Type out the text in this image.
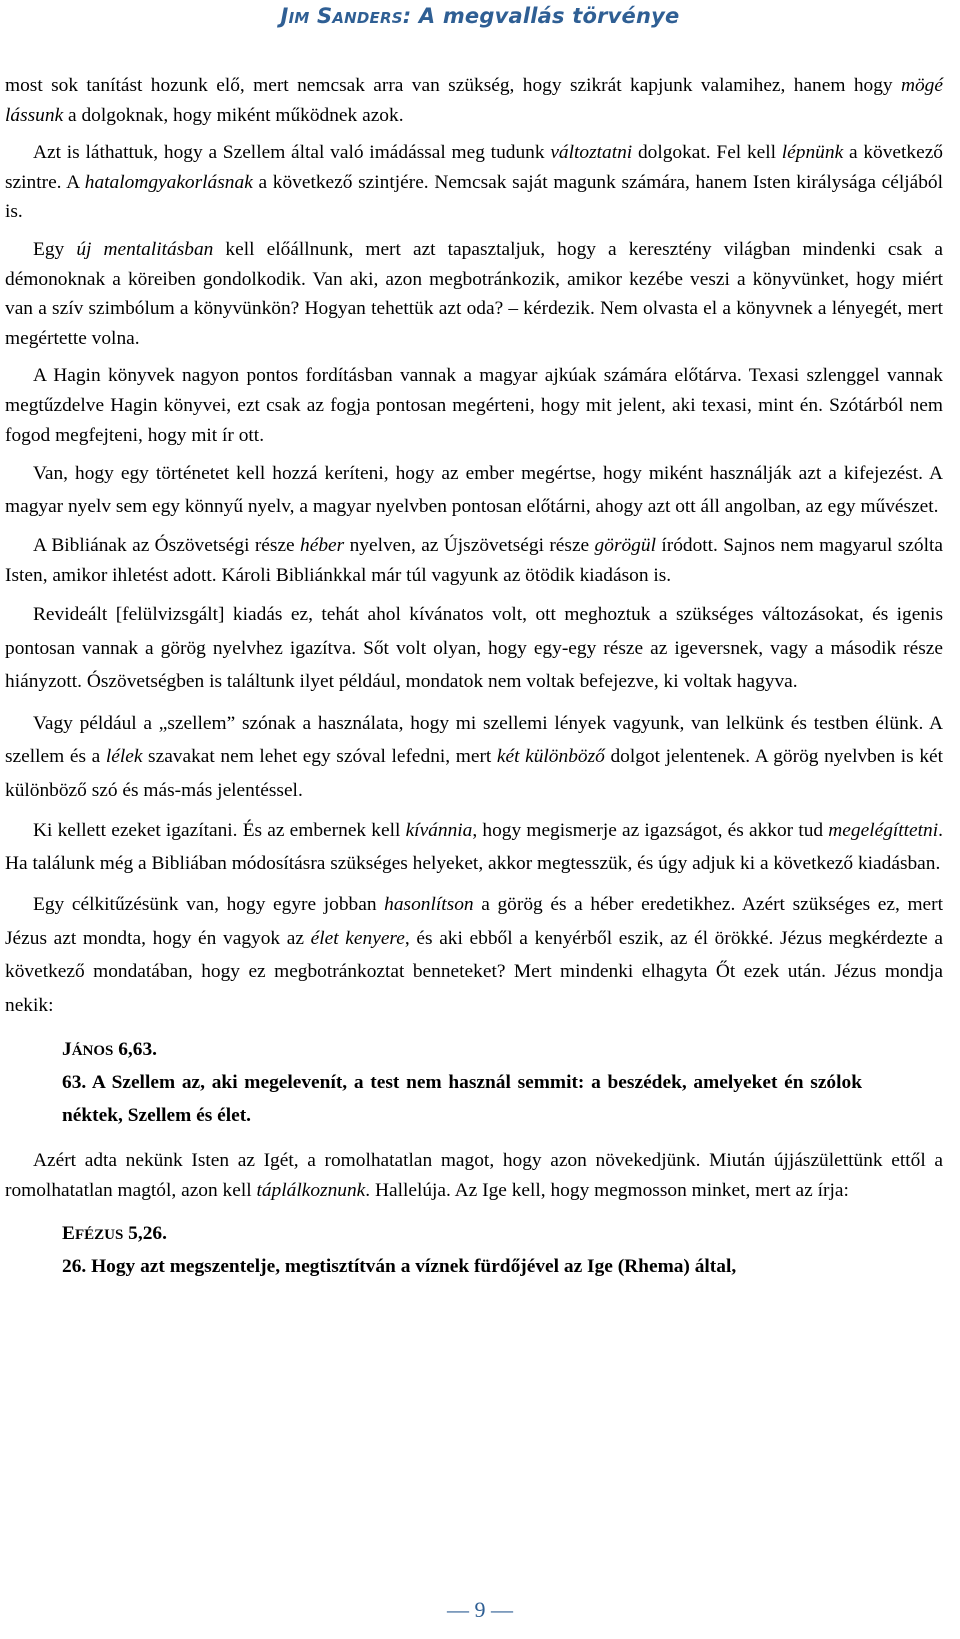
JIM SANDERS: A megvallás törvénye

most sok tanítást hozunk elő, mert nemcsak arra van szükség, hogy szikrát kapjunk valamihez, hanem hogy mögé lássunk a dolgoknak, hogy miként működnek azok.

Azt is láthattuk, hogy a Szellem által való imádással meg tudunk változtatni dolgokat. Fel kell lépnünk a következő szintre. A hatalomgyakorlásnak a következő szintjére. Nemcsak saját magunk számára, hanem Isten királysága céljából is.

Egy új mentalitásban kell előállnunk, mert azt tapasztaljuk, hogy a keresztény világban mindenki csak a démonoknak a köreiben gondolkodik. Van aki, azon megbotránkozik, amikor kezébe veszi a könyvünket, hogy miért van a szív szimbólum a könyvünkön? Hogyan tehettük azt oda? – kérdezik. Nem olvasta el a könyvnek a lényegét, mert megértette volna.

A Hagin könyvek nagyon pontos fordításban vannak a magyar ajkúak számára előtárva. Texasi szlenggel vannak megtűzdelve Hagin könyvei, ezt csak az fogja pontosan megérteni, hogy mit jelent, aki texasi, mint én. Szótárból nem fogod megfejteni, hogy mit ír ott.

Van, hogy egy történetet kell hozzá keríteni, hogy az ember megértse, hogy miként használják azt a kifejezést. A magyar nyelv sem egy könnyű nyelv, a magyar nyelvben pontosan előtárni, ahogy azt ott áll angolban, az egy művészet.

A Bibliának az Ószövetségi része héber nyelven, az Újszövetségi része görögül íródott. Sajnos nem magyarul szólta Isten, amikor ihletést adott. Károli Bibliánkkal már túl vagyunk az ötödik kiadáson is.

Revideált [felülvizsgált] kiadás ez, tehát ahol kívánatos volt, ott meghoztuk a szükséges változásokat, és igenis pontosan vannak a görög nyelvhez igazítva. Sőt volt olyan, hogy egy-egy része az igeversnek, vagy a második része hiányzott. Ószövetségben is találtunk ilyet például, mondatok nem voltak befejezve, ki voltak hagyva.

Vagy például a „szellem” szónak a használata, hogy mi szellemi lények vagyunk, van lelkünk és testben élünk. A szellem és a lélek szavakat nem lehet egy szóval lefedni, mert két különböző dolgot jelentenek. A görög nyelvben is két különböző szó és más-más jelentéssel.

Ki kellett ezeket igazítani. És az embernek kell kívánnia, hogy megismerje az igazságot, és akkor tud megelégíttetni. Ha találunk még a Bibliában módosításra szükséges helyeket, akkor megtesszük, és úgy adjuk ki a következő kiadásban.

Egy célkitűzésünk van, hogy egyre jobban hasonlítson a görög és a héber eredetikhez. Azért szükséges ez, mert Jézus azt mondta, hogy én vagyok az élet kenyere, és aki ebből a kenyérből eszik, az él örökké. Jézus megkérdezte a következő mondatában, hogy ez megbotránkoztat benneteket? Mert mindenki elhagyta Őt ezek után. Jézus mondja nekik:

JÁNOS 6,63.
63. A Szellem az, aki megelevenít, a test nem használ semmit: a beszédek, amelyeket én szólok néktek, Szellem és élet.

Azért adta nekünk Isten az Igét, a romolhatatlan magot, hogy azon növekedjünk. Miután újjászülettünk ettől a romolhatatlan magtól, azon kell táplálkoznunk. Hallelúja. Az Ige kell, hogy megmosson minket, mert az írja:

EFÉZUS 5,26.
26. Hogy azt megszentelje, megtisztítván a víznek fürdőjével az Ige (Rhema) által,
— 9 —
